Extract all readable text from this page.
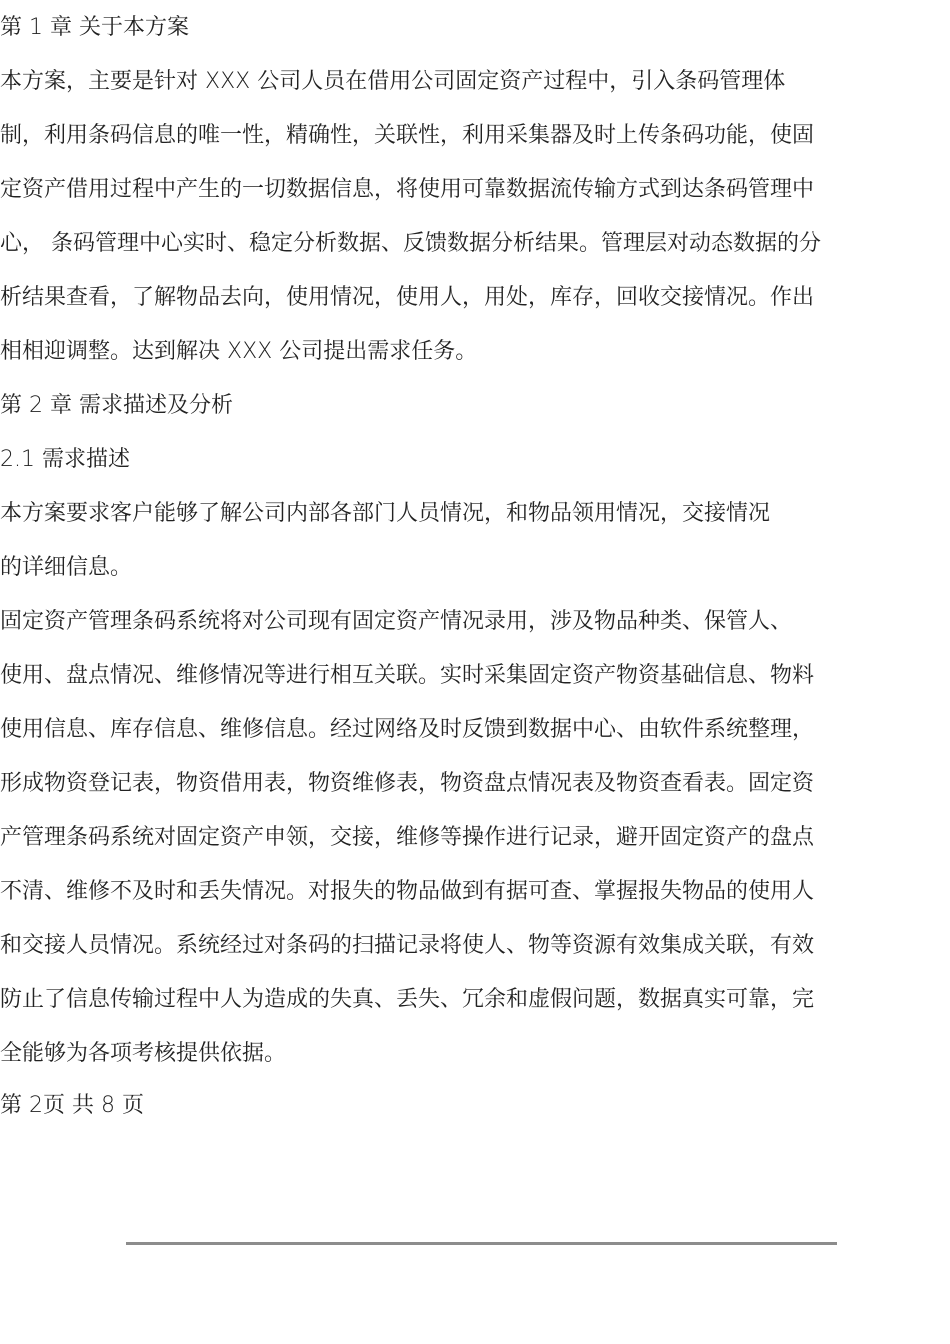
第 1 章 关于本方案
本方案，主要是针对 XXX 公司人员在借用公司固定资产过程中，引入条码管理体
制，利用条码信息的唯一性，精确性，关联性，利用采集器及时上传条码功能，使固
定资产借用过程中产生的一切数据信息，将使用可靠数据流传输方式到达条码管理中
心， 条码管理中心实时、稳定分析数据、反馈数据分析结果。管理层对动态数据的分
析结果查看，了解物品去向，使用情况，使用人，用处，库存，回收交接情况。作出
相相迎调整。达到解决 XXX 公司提出需求任务。
第 2 章 需求描述及分析
2.1 需求描述
本方案要求客户能够了解公司内部各部门人员情况，和物品领用情况，交接情况
的详细信息。
固定资产管理条码系统将对公司现有固定资产情况录用，涉及物品种类、保管人、
使用、盘点情况、维修情况等进行相互关联。实时采集固定资产物资基础信息、物料
使用信息、库存信息、维修信息。经过网络及时反馈到数据中心、由软件系统整理，
形成物资登记表，物资借用表，物资维修表，物资盘点情况表及物资查看表。固定资
产管理条码系统对固定资产申领，交接，维修等操作进行记录，避开固定资产的盘点
不清、维修不及时和丢失情况。对报失的物品做到有据可查、掌握报失物品的使用人
和交接人员情况。系统经过对条码的扫描记录将使人、物等资源有效集成关联，有效
防止了信息传输过程中人为造成的失真、丢失、冗余和虚假问题，数据真实可靠，完
全能够为各项考核提供依据。
第 2页 共 8 页
